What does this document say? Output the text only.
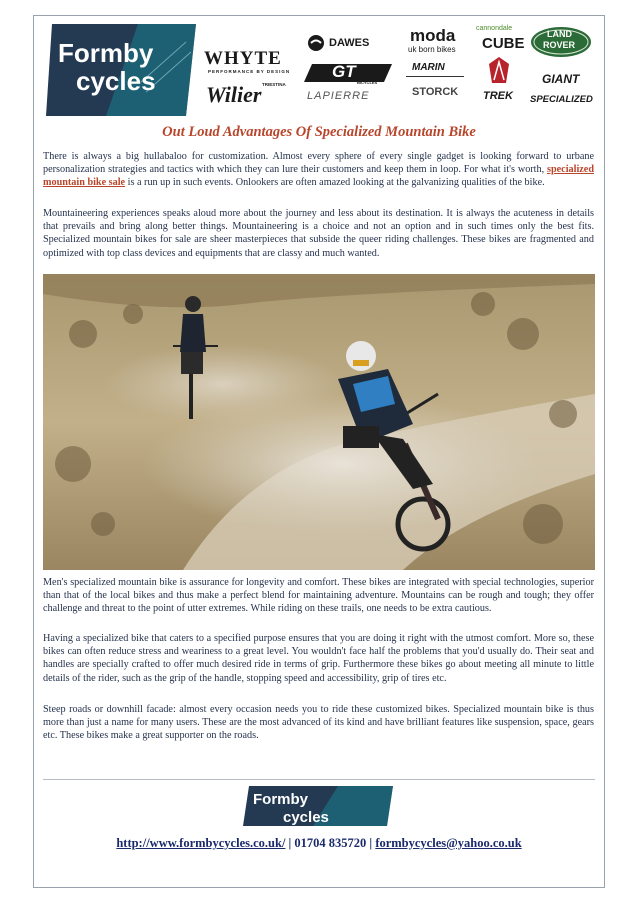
Formby
cycles
WHYTE
PERFORMANCE BY DESIGN
Wilier TRIESTINA
DAWES
GT
BICYCLES
LAPIERRE
moda
uk born bikes
MARIN
STORCK
cannondale
CUBE
TREK
LAND
ROVER
GIANT
SPECIALIZED
Out Loud Advantages Of Specialized Mountain Bike

There is always a big hullabaloo for customization. Almost every sphere of every single gadget is looking forward to urbane personalization strategies and tactics with which they can lure their customers and keep them in loop. For what it's worth, specialized mountain bike sale is a run up in such events. Onlookers are often amazed looking at the galvanizing qualities of the bike.

Mountaineering experiences speaks aloud more about the journey and less about its destination. It is always the acuteness in details that prevails and bring along better things. Mountaineering is a choice and not an option and in such times only the best fits. Specialized mountain bikes for sale are sheer masterpieces that subside the queer riding challenges. These bikes are fragmented and optimized with top class devices and equipments that are classy and much wanted.

Men's specialized mountain bike is assurance for longevity and comfort. These bikes are integrated with special technologies, superior than that of the local bikes and thus make a perfect blend for maintaining adventure. Mountains can be rough and tough; they offer challenge and threat to the point of utter extremes. While riding on these trails, one needs to be extra cautious.

Having a specialized bike that caters to a specified purpose ensures that you are doing it right with the utmost comfort. More so, these bikes can often reduce stress and weariness to a great level. You wouldn't face half the problems that you'd usually do. Their seat and handles are specially crafted to offer much desired ride in terms of grip. Furthermore these bikes go about meeting all minute to little details of the rider, such as the grip of the handle, stopping speed and accessibility, grip of tires etc.

Steep roads or downhill facade: almost every occasion needs you to ride these customized bikes. Specialized mountain bike is thus more than just a name for many users. These are the most advanced of its kind and have brilliant features like suspension, space, gears etc. These bikes make a great supporter on the roads.

Formby
cycles
http://www.formbycycles.co.uk/ | 01704 835720 | formbycycles@yahoo.co.uk
